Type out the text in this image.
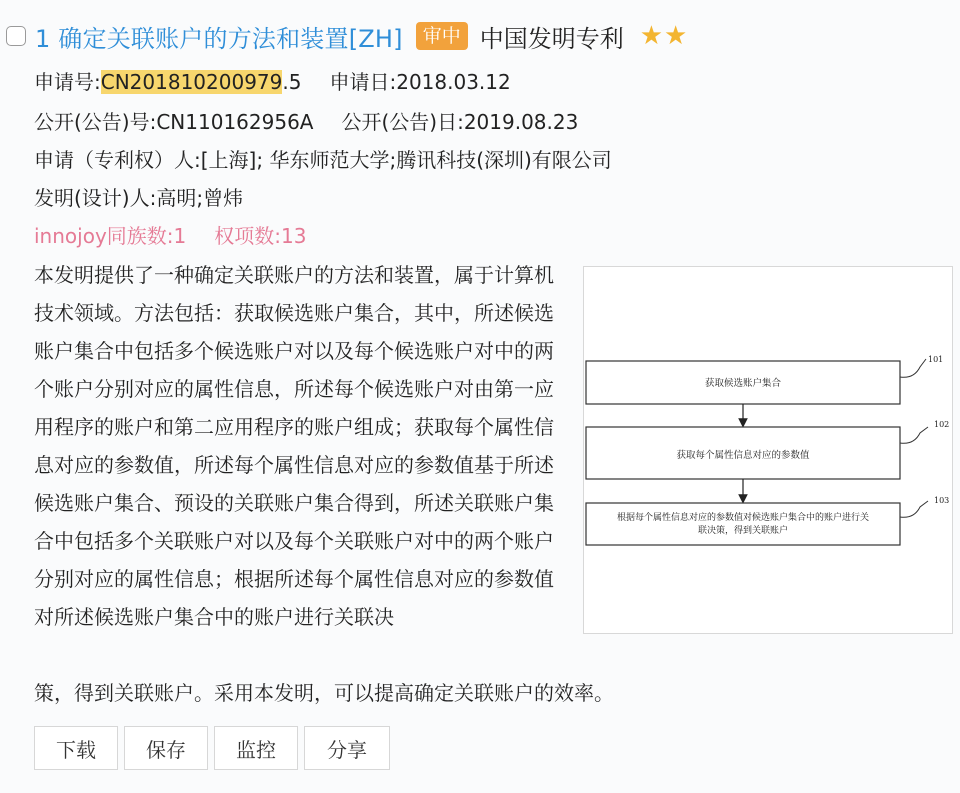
1 确定关联账户的方法和装置[ZH]	审中 中国发明专利 ★ ★
申请号:CN201810200979.5 申请日:2018.03.12
公开(公告)号:CN110162956A 公开(公告)日:2019.08.23
申请（专利权）人:[上海]; 华东师范大学;腾讯科技(深圳)有限公司
发明(设计)人:高明;曾炜
innojoy同族数:1 权项数:13
本发明提供了一种确定关联账户的方法和装置，属于计算机技术领域。方法包括：获取候选账户集合，其中，所述候选账户集合中包括多个候选账户对以及每个候选账户对中的两个账户分别对应的属性信息，所述每个候选账户对由第一应用程序的账户和第二应用程序的账户组成；获取每个属性信息对应的参数值，所述每个属性信息对应的参数值基于所述候选账户集合、预设的关联账户集合得到，所述关联账户集合中包括多个关联账户对以及每个关联账户对中的两个账户分别对应的属性信息；根据所述每个属性信息对应的参数值对所述候选账户集合中的账户进行关联决
策，得到关联账户。采用本发明，可以提高确定关联账户的效率。
获取候选账户集合
101
获取每个属性信息对应的参数值
102
根据每个属性信息对应的参数值对候选账户集合中的账户进行关
联决策，得到关联账户
103
下载	保存	监控	分享
